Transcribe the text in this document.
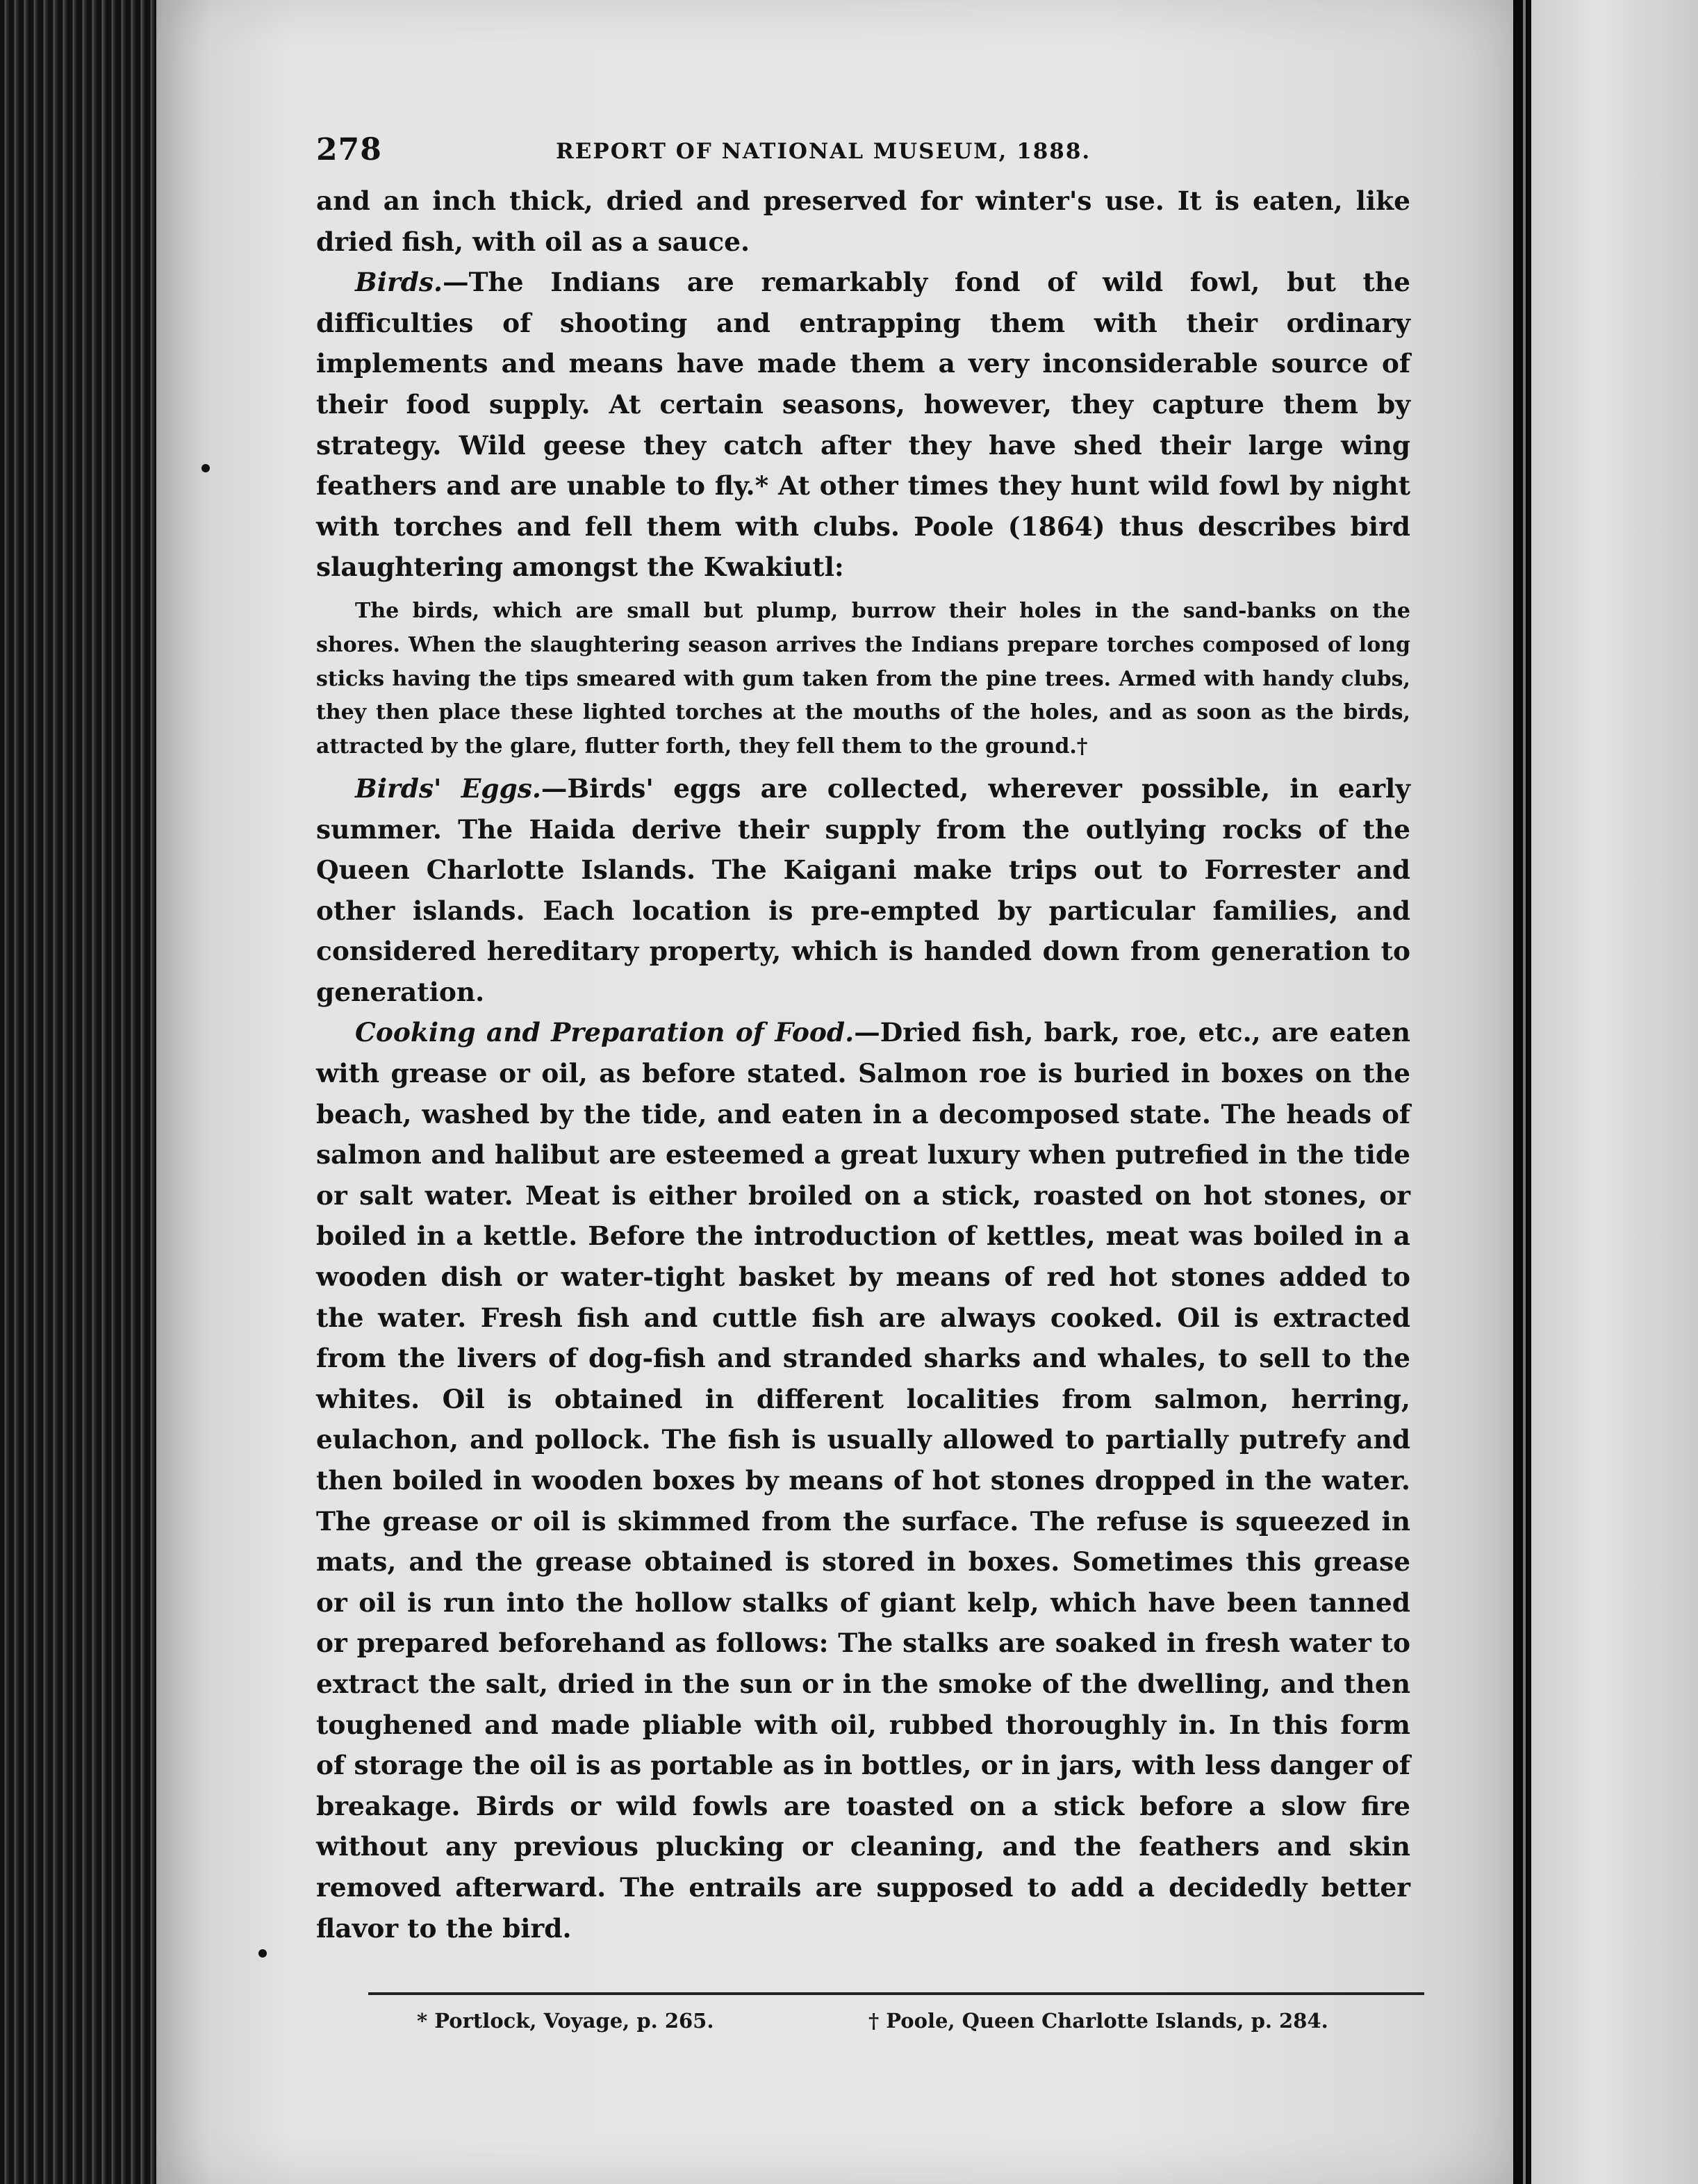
278	REPORT OF NATIONAL MUSEUM, 1888.

and an inch thick, dried and preserved for winter's use. It is eaten, like dried fish, with oil as a sauce.

Birds.—The Indians are remarkably fond of wild fowl, but the difficulties of shooting and entrapping them with their ordinary implements and means have made them a very inconsiderable source of their food supply. At certain seasons, however, they capture them by strategy. Wild geese they catch after they have shed their large wing feathers and are unable to fly.* At other times they hunt wild fowl by night with torches and fell them with clubs. Poole (1864) thus describes bird slaughtering amongst the Kwakiutl:

The birds, which are small but plump, burrow their holes in the sand-banks on the shores. When the slaughtering season arrives the Indians prepare torches composed of long sticks having the tips smeared with gum taken from the pine trees. Armed with handy clubs, they then place these lighted torches at the mouths of the holes, and as soon as the birds, attracted by the glare, flutter forth, they fell them to the ground.†

Birds' Eggs.—Birds' eggs are collected, wherever possible, in early summer. The Haida derive their supply from the outlying rocks of the Queen Charlotte Islands. The Kaigani make trips out to Forrester and other islands. Each location is pre-empted by particular families, and considered hereditary property, which is handed down from generation to generation.

Cooking and Preparation of Food.—Dried fish, bark, roe, etc., are eaten with grease or oil, as before stated. Salmon roe is buried in boxes on the beach, washed by the tide, and eaten in a decomposed state. The heads of salmon and halibut are esteemed a great luxury when putrefied in the tide or salt water. Meat is either broiled on a stick, roasted on hot stones, or boiled in a kettle. Before the introduction of kettles, meat was boiled in a wooden dish or water-tight basket by means of red hot stones added to the water. Fresh fish and cuttle fish are always cooked. Oil is extracted from the livers of dog-fish and stranded sharks and whales, to sell to the whites. Oil is obtained in different localities from salmon, herring, eulachon, and pollock. The fish is usually allowed to partially putrefy and then boiled in wooden boxes by means of hot stones dropped in the water. The grease or oil is skimmed from the surface. The refuse is squeezed in mats, and the grease obtained is stored in boxes. Sometimes this grease or oil is run into the hollow stalks of giant kelp, which have been tanned or prepared beforehand as follows: The stalks are soaked in fresh water to extract the salt, dried in the sun or in the smoke of the dwelling, and then toughened and made pliable with oil, rubbed thoroughly in. In this form of storage the oil is as portable as in bottles, or in jars, with less danger of breakage. Birds or wild fowls are toasted on a stick before a slow fire without any previous plucking or cleaning, and the feathers and skin removed afterward. The entrails are supposed to add a decidedly better flavor to the bird.

* Portlock, Voyage, p. 265.	† Poole, Queen Charlotte Islands, p. 284.
